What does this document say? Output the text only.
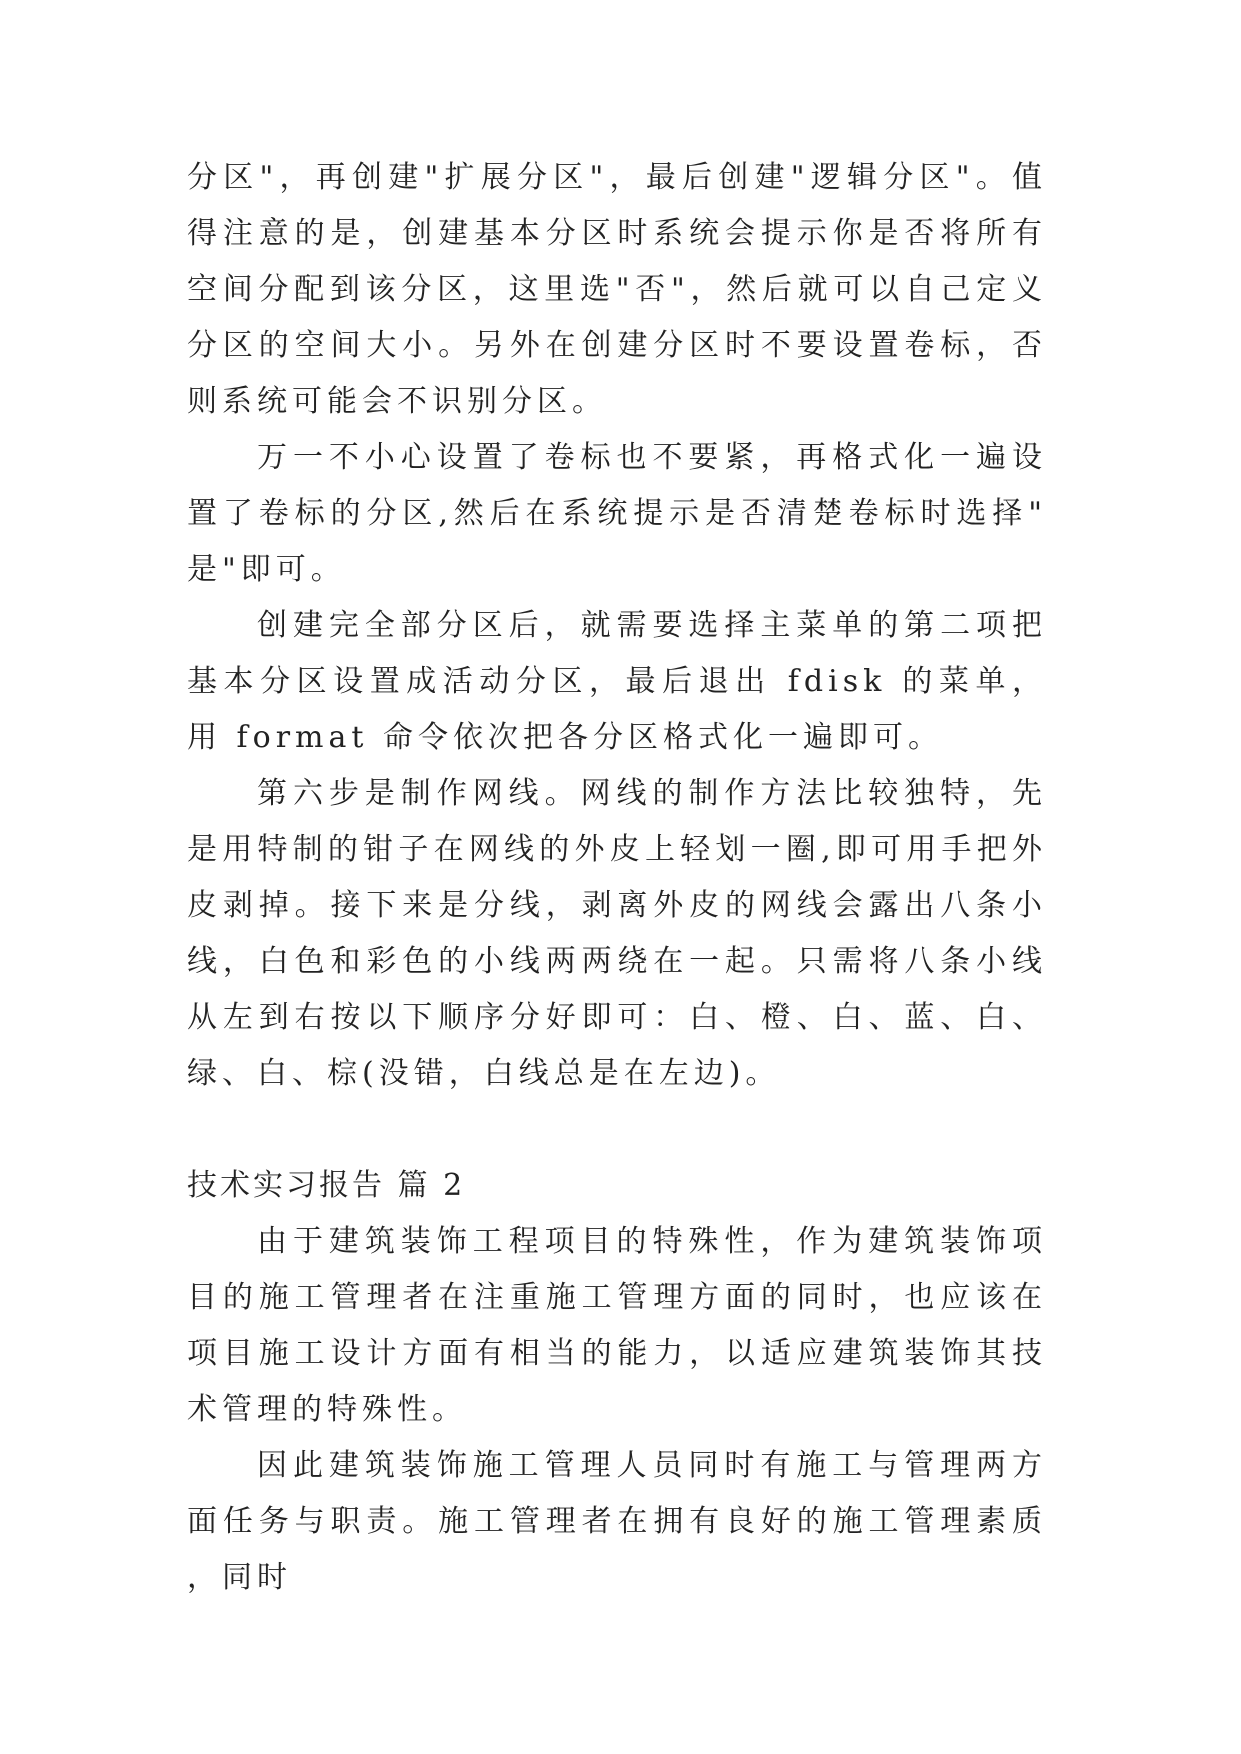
分区"，再创建"扩展分区"，最后创建"逻辑分区"。值得注意的是，创建基本分区时系统会提示你是否将所有空间分配到该分区，这里选"否"，然后就可以自己定义分区的空间大小。另外在创建分区时不要设置卷标，否则系统可能会不识别分区。

万一不小心设置了卷标也不要紧，再格式化一遍设置了卷标的分区,然后在系统提示是否清楚卷标时选择"是"即可。

创建完全部分区后，就需要选择主菜单的第二项把基本分区设置成活动分区，最后退出 fdisk 的菜单，用 format 命令依次把各分区格式化一遍即可。

第六步是制作网线。网线的制作方法比较独特，先是用特制的钳子在网线的外皮上轻划一圈,即可用手把外皮剥掉。接下来是分线，剥离外皮的网线会露出八条小线，白色和彩色的小线两两绕在一起。只需将八条小线从左到右按以下顺序分好即可：白、橙、白、蓝、白、绿、白、棕(没错，白线总是在左边)。

技术实习报告 篇 2

由于建筑装饰工程项目的特殊性，作为建筑装饰项目的施工管理者在注重施工管理方面的同时，也应该在项目施工设计方面有相当的能力，以适应建筑装饰其技术管理的特殊性。

因此建筑装饰施工管理人员同时有施工与管理两方面任务与职责。施工管理者在拥有良好的施工管理素质，同时
